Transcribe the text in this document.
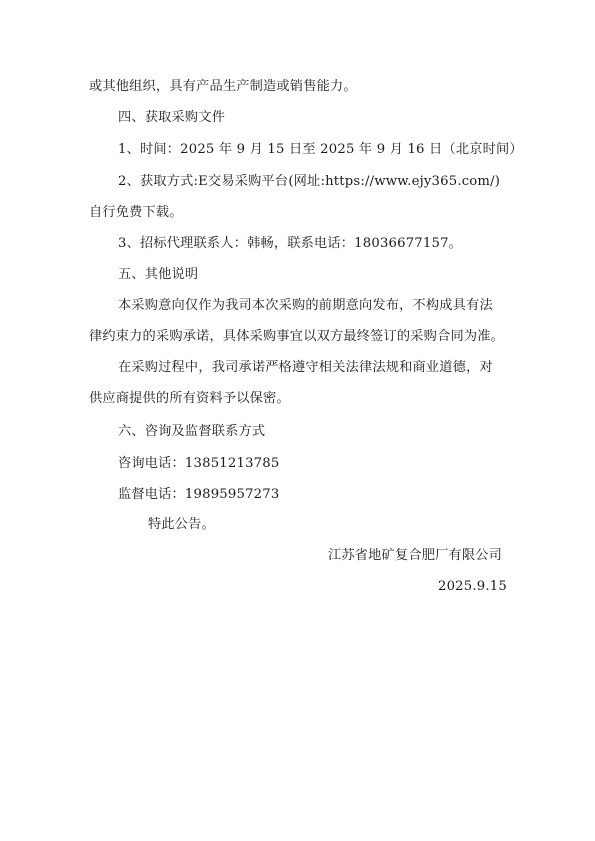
或其他组织，具有产品生产制造或销售能力。
四、获取采购文件
1、时间：2025 年 9 月 15 日至 2025 年 9 月 16 日（北京时间）
2、获取方式:E交易采购平台(网址:https://www.ejy365.com/)
自行免费下载。
3、招标代理联系人：韩畅，联系电话：18036677157。
五、其他说明
本采购意向仅作为我司本次采购的前期意向发布，不构成具有法
律约束力的采购承诺，具体采购事宜以双方最终签订的采购合同为准。
在采购过程中，我司承诺严格遵守相关法律法规和商业道德，对
供应商提供的所有资料予以保密。
六、咨询及监督联系方式
咨询电话：13851213785
监督电话：19895957273
特此公告。
江苏省地矿复合肥厂有限公司
2025.9.15
